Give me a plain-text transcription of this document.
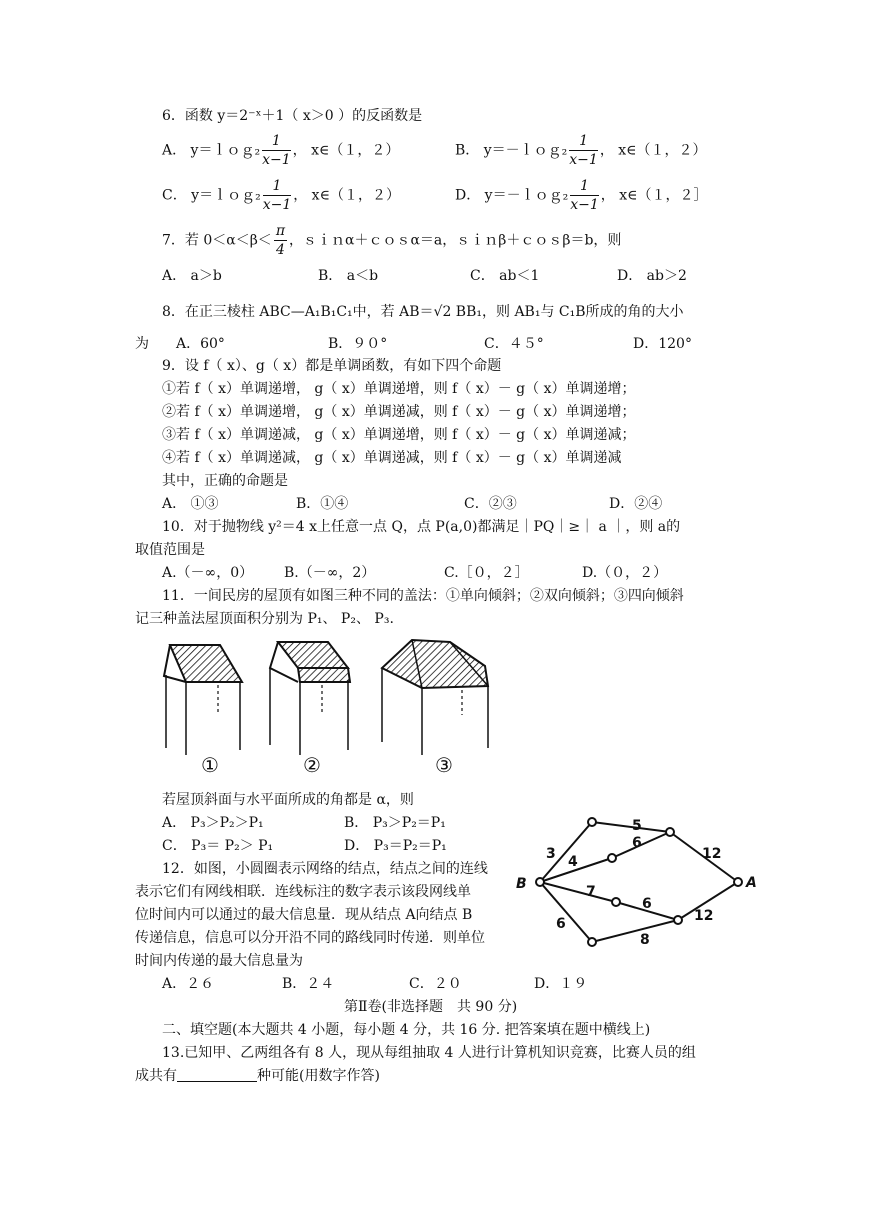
6．函数 y＝2⁻ˣ＋1（ x＞0 ）的反函数是
A． y＝ｌｏｇ₂ $\frac{1}{x-1}$ ， x∈（１，２）	B． y＝－ｌｏｇ₂ $\frac{1}{x-1}$ ， x∈（１，２）
C． y＝ｌｏｇ₂ $\frac{1}{x-1}$ ， x∈（１，２）	D． y＝－ｌｏｇ₂ $\frac{1}{x-1}$ ， x∈（１，２］
7．若 $0<\alpha<\beta< \frac{\pi}{4}$ ，ｓｉｎα＋ｃｏｓα＝a，ｓｉｎβ＋ｃｏｓβ＝b，则
A． a＞b	B． a＜b	C． ab＜1	D． ab＞2
8．在正三棱柱 ABC—A₁B₁C₁中，若 AB＝√2 BB₁，则 AB₁与 C₁B所成的角的大小
为 A．60°	B．９０°	C．４５°	D．120°
9．设 f（ x）、g（ x）都是单调函数，有如下四个命题
①若 f（ x）单调递增， g（ x）单调递增，则 f（ x）－ g（ x）单调递增；
②若 f（ x）单调递增， g（ x）单调递减，则 f（ x）－ g（ x）单调递增；
③若 f（ x）单调递减， g（ x）单调递增，则 f（ x）－ g（ x）单调递减；
④若 f（ x）单调递减， g（ x）单调递减，则 f（ x）－ g（ x）单调递减
其中，正确的命题是
A． ①③	B．①④	C．②③	D．②④
10．对于抛物线 y²＝4 x上任意一点 Q，点 P(a,0)都满足｜PQ｜≥｜ a ｜，则 a的
取值范围是
A.（－∞，0） B.（－∞，2）	C.［０，２］	D.（０，２）
11．一间民房的屋顶有如图三种不同的盖法：①单向倾斜；②双向倾斜；③四向倾斜
记三种盖法屋顶面积分别为 P₁、 P₂、 P₃.
①	②	③
若屋顶斜面与水平面所成的角都是 α，则
A． P₃＞P₂＞P₁	B． P₃＞P₂＝P₁
C． P₃＝ P₂＞ P₁	D． P₃＝P₂＝P₁
12．如图，小圆圈表示网络的结点，结点之间的连线
表示它们有网线相联．连线标注的数字表示该段网线单
位时间内可以通过的最大信息量．现从结点 A向结点 B
传递信息，信息可以分开沿不同的路线同时传递．则单位
时间内传递的最大信息量为
A．２６	B．２４	C．２０	D．１９
B	A
5
3 4
6
12
7
6
6	12
8
第Ⅱ卷(非选择题　共 90 分)
二、填空题(本大题共 4 小题，每小题 4 分，共 16 分. 把答案填在题中横线上)
13.已知甲、乙两组各有 8 人，现从每组抽取 4 人进行计算机知识竞赛，比赛人员的组
成共有	种可能(用数字作答)
